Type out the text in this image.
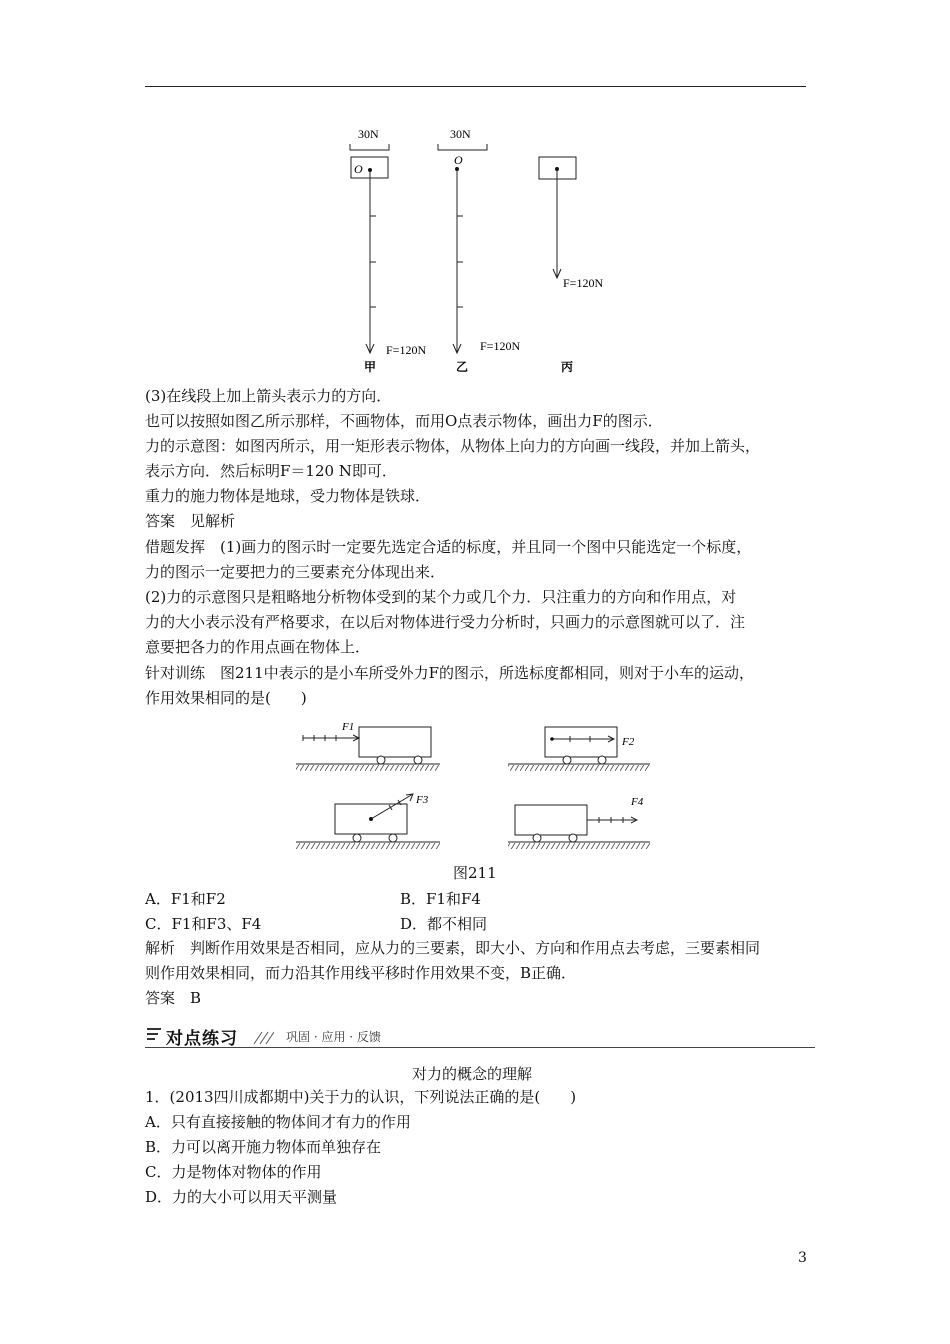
30N
O
F=120N
甲
30N
O
F=120N
乙
F=120N
丙
(3)在线段上加上箭头表示力的方向．
也可以按照如图乙所示那样，不画物体，而用O点表示物体，画出力F的图示．
力的示意图：如图丙所示，用一矩形表示物体，从物体上向力的方向画一线段，并加上箭头，
表示方向．然后标明F＝120 N即可．
重力的施力物体是地球，受力物体是铁球．
答案　见解析
借题发挥　(1)画力的图示时一定要先选定合适的标度，并且同一个图中只能选定一个标度，
力的图示一定要把力的三要素充分体现出来．
(2)力的示意图只是粗略地分析物体受到的某个力或几个力．只注重力的方向和作用点，对
力的大小表示没有严格要求，在以后对物体进行受力分析时，只画力的示意图就可以了．注
意要把各力的作用点画在物体上．
针对训练　图211中表示的是小车所受外力F的图示，所选标度都相同，则对于小车的运动，
作用效果相同的是(　　)
F1
F2
F3	F4
图211
A．F1和F2	B．F1和F4
C．F1和F3、F4	D．都不相同
解析　判断作用效果是否相同，应从力的三要素，即大小、方向和作用点去考虑，三要素相同
则作用效果相同，而力沿其作用线平移时作用效果不变，B正确．
答案　B
对点练习	巩固 · 应用 · 反馈
对力的概念的理解
1．(2013四川成都期中)关于力的认识，下列说法正确的是(　　)
A．只有直接接触的物体间才有力的作用
B．力可以离开施力物体而单独存在
C．力是物体对物体的作用
D．力的大小可以用天平测量
3
